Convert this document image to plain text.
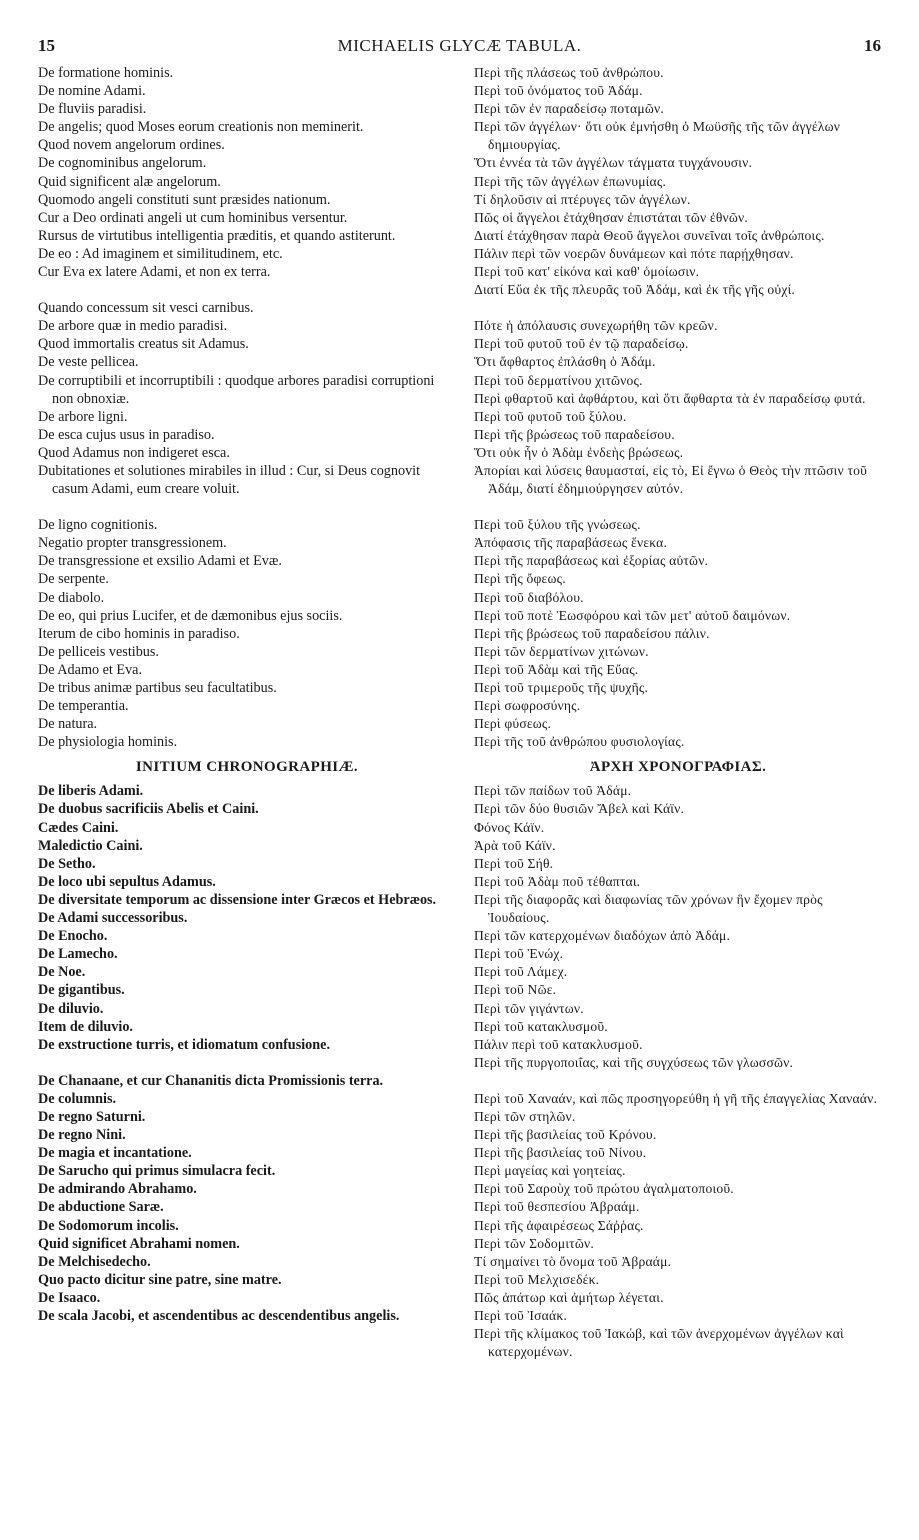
15	MICHAELIS GLYCÆ TABULA.	16
De formatione hominis.
De nomine Adami.
De fluviis paradisi.
De angelis; quod Moses eorum creationis non meminerit.
Quod novem angelorum ordines.
De cognominibus angelorum.
Quid significent alæ angelorum.
Quomodo angeli constituti sunt præsides nationum.
Cur a Deo ordinati angeli ut cum hominibus versentur.
Rursus de virtutibus intelligentia præditis, et quando astiterunt.
De eo : Ad imaginem et similitudinem, etc.
Cur Eva ex latere Adami, et non ex terra.
Quando concessum sit vesci carnibus.
De arbore quæ in medio paradisi.
Quod immortalis creatus sit Adamus.
De veste pellicea.
De corruptibili et incorruptibili : quodque arbores paradisi corruptioni non obnoxiæ.
De arbore ligni.
De esca cujus usus in paradiso.
Quod Adamus non indigeret esca.
Dubitationes et solutiones mirabiles in illud : Cur, si Deus cognovit casum Adami, eum creare voluit.
De ligno cognitionis.
Negatio propter transgressionem.
De transgressione et exsilio Adami et Evæ.
De serpente.
De diabolo.
De eo, qui prius Lucifer, et de dæmonibus ejus sociis.
Iterum de cibo hominis in paradiso.
De pelliceis vestibus.
De Adamo et Eva.
De tribus animæ partibus seu facultatibus.
De temperantia.
De natura.
De physiologia hominis.
INITIUM CHRONOGRAPHIÆ.
De liberis Adami.
De duobus sacrificiis Abelis et Caini.
Cædes Caini.
Maledictio Caini.
De Setho.
De loco ubi sepultus Adamus.
De diversitate temporum ac dissensione inter Græcos et Hebræos.
De Adami successoribus.
De Enocho.
De Lamecho.
De Noe.
De gigantibus.
De diluvio.
Item de diluvio.
De exstructione turris, et idiomatum confusione.
De Chanaane, et cur Chananitis dicta Promissionis terra.
De columnis.
De regno Saturni.
De regno Nini.
De magia et incantatione.
De Sarucho qui primus simulacra fecit.
De admirando Abrahamo.
De abductione Saræ.
De Sodomorum incolis.
Quid significet Abrahami nomen.
De Melchisedecho.
Quo pacto dicitur sine patre, sine matre.
De Isaaco.
De scala Jacobi, et ascendentibus ac descendentibus angelis.
Περὶ τῆς πλάσεως τοῦ ἀνθρώπου.
Περὶ τοῦ ὀνόματος τοῦ Ἀδάμ.
Περὶ τῶν ἐν παραδείσῳ ποταμῶν.
Περὶ τῶν ἀγγέλων· ὅτι οὐκ ἐμνήσθη ὁ Μωϋσῆς τῆς τῶν ἀγγέλων δημιουργίας.
Ὅτι ἐννέα τὰ τῶν ἀγγέλων τάγματα τυγχάνουσιν.
Περὶ τῆς τῶν ἀγγέλων ἐπωνυμίας.
Τί δηλοῦσιν αἱ πτέρυγες τῶν ἀγγέλων.
Πῶς οἱ ἄγγελοι ἐτάχθησαν ἐπιστάται τῶν ἐθνῶν.
Διατί ἐτάχθησαν παρὰ Θεοῦ ἄγγελοι συνεῖναι τοῖς ἀνθρώποις.
Πάλιν περὶ τῶν νοερῶν δυνάμεων καὶ πότε παρῄχθησαν.
Περὶ τοῦ κατ' εἰκόνα καὶ καθ' ὁμοίωσιν.
Διατί Εὔα ἐκ τῆς πλευρᾶς τοῦ Ἀδάμ, καὶ ἐκ τῆς γῆς οὐχί.
Πότε ἡ ἀπόλαυσις συνεχωρήθη τῶν κρεῶν.
Περὶ τοῦ φυτοῦ τοῦ ἐν τῷ παραδείσῳ.
Ὅτι ἄφθαρτος ἐπλάσθη ὁ Ἀδάμ.
Περὶ τοῦ δερματίνου χιτῶνος.
Περὶ φθαρτοῦ καὶ ἀφθάρτου, καὶ ὅτι ἄφθαρτα τὰ ἐν παραδείσῳ φυτά.
Περὶ τοῦ φυτοῦ τοῦ ξύλου.
Περὶ τῆς βρώσεως τοῦ παραδείσου.
Ὅτι οὐκ ἦν ὁ Ἀδὰμ ἐνδεὴς βρώσεως.
Ἀπορίαι καὶ λύσεις θαυμασταί, εἰς τὸ, Εἰ ἔγνω ὁ Θεὸς τὴν πτῶσιν τοῦ Ἀδάμ, διατί ἐδημιούργησεν αὐτόν.
Περὶ τοῦ ξύλου τῆς γνώσεως.
Ἀπόφασις τῆς παραβάσεως ἕνεκα.
Περὶ τῆς παραβάσεως καὶ ἐξορίας αὐτῶν.
Περὶ τῆς ὄφεως.
Περὶ τοῦ διαβόλου.
Περὶ τοῦ ποτὲ Ἑωσφόρου καὶ τῶν μετ' αὐτοῦ δαιμόνων.
Περὶ τῆς βρώσεως τοῦ παραδείσου πάλιν.
Περὶ τῶν δερματίνων χιτώνων.
Περὶ τοῦ Ἀδὰμ καὶ τῆς Εὔας.
Περὶ τοῦ τριμεροῦς τῆς ψυχῆς.
Περὶ σωφροσύνης.
Περὶ φύσεως.
Περὶ τῆς τοῦ ἀνθρώπου φυσιολογίας.
ἈΡΧΗ ΧΡΟΝΟΓΡΑΦΙΑΣ.
Περὶ τῶν παίδων τοῦ Ἀδάμ.
Περὶ τῶν δύο θυσιῶν Ἄβελ καὶ Κάϊν.
Φόνος Κάϊν.
Ἀρὰ τοῦ Κάϊν.
Περὶ τοῦ Σήθ.
Περὶ τοῦ Ἀδὰμ ποῦ τέθαπται.
Περὶ τῆς διαφορᾶς καὶ διαφωνίας τῶν χρόνων ἣν ἔχομεν πρὸς Ἰουδαίους.
Περὶ τῶν κατερχομένων διαδόχων ἀπὸ Ἀδάμ.
Περὶ τοῦ Ἐνώχ.
Περὶ τοῦ Λάμεχ.
Περὶ τοῦ Νῶε.
Περὶ τῶν γιγάντων.
Περὶ τοῦ κατακλυσμοῦ.
Πάλιν περὶ τοῦ κατακλυσμοῦ.
Περὶ τῆς πυργοποιΐας, καὶ τῆς συγχύσεως τῶν γλωσσῶν.
Περὶ τοῦ Χαναάν, καὶ πῶς προσηγορεύθη ἡ γῆ τῆς ἐπαγγελίας Χαναάν.
Περὶ τῶν στηλῶν.
Περὶ τῆς βασιλείας τοῦ Κρόνου.
Περὶ τῆς βασιλείας τοῦ Νίνου.
Περὶ μαγείας καὶ γοητείας.
Περὶ τοῦ Σαροὺχ τοῦ πρώτου ἀγαλματοποιοῦ.
Περὶ τοῦ θεσπεσίου Ἀβραάμ.
Περὶ τῆς ἀφαιρέσεως Σάῤῥας.
Περὶ τῶν Σοδομιτῶν.
Τί σημαίνει τὸ ὄνομα τοῦ Ἀβραάμ.
Περὶ τοῦ Μελχισεδέκ.
Πῶς ἀπάτωρ καὶ ἀμήτωρ λέγεται.
Περὶ τοῦ Ἰσαάκ.
Περὶ τῆς κλίμακος τοῦ Ἰακώβ, καὶ τῶν ἀνερχομένων ἀγγέλων καὶ κατερχομένων.
